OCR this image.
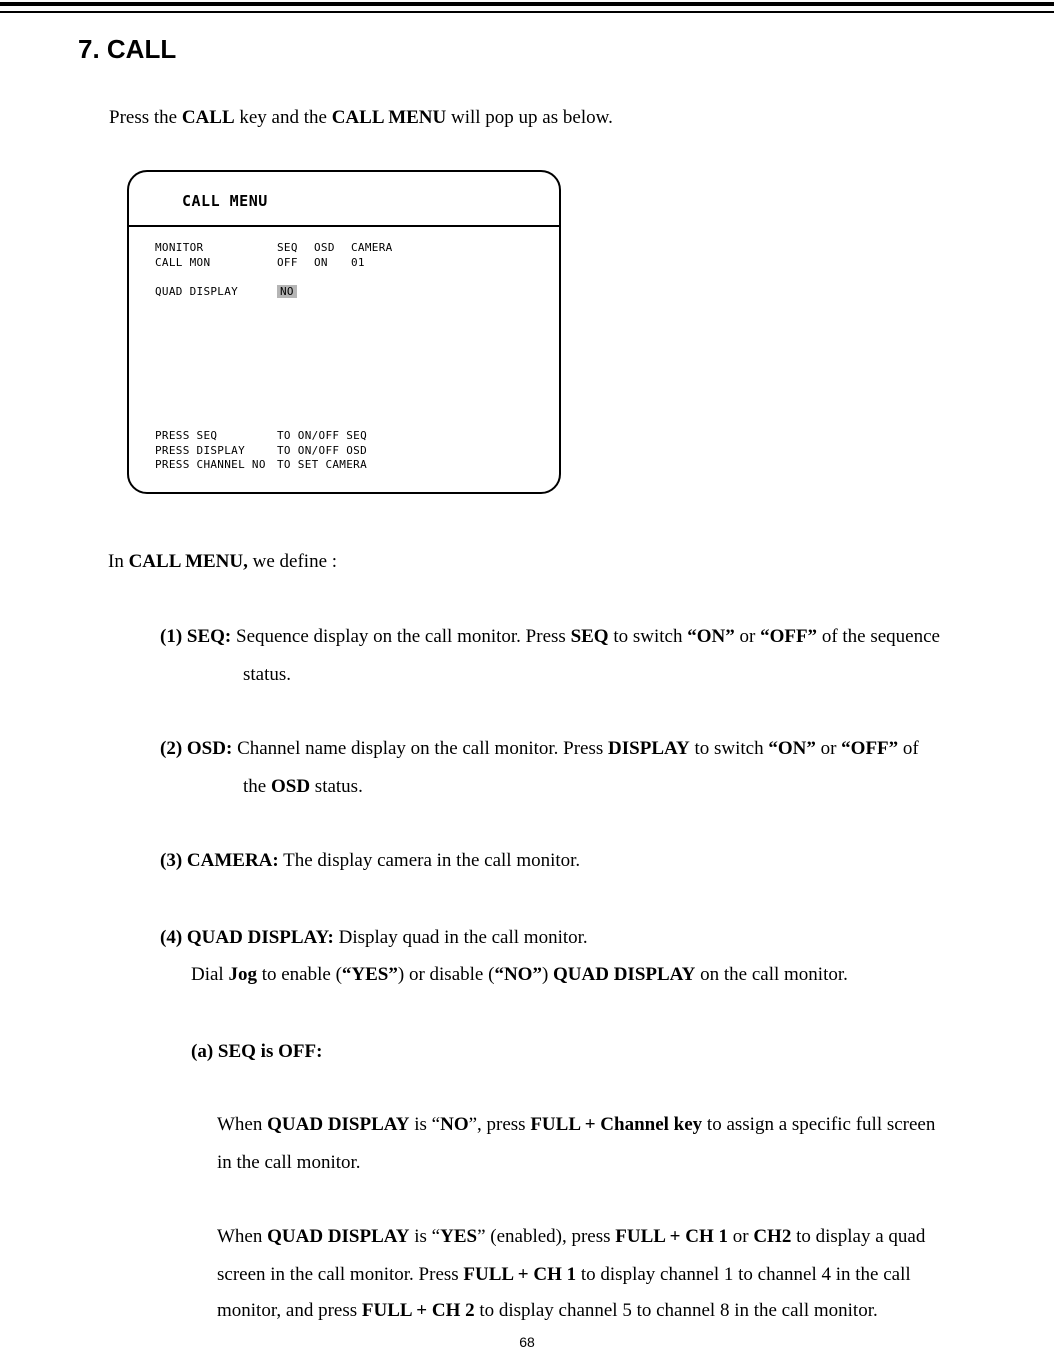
7. CALL
Press the CALL key and the CALL MENU will pop up as below.
CALL MENU
MONITOR	SEQ OSD CAMERA
CALL MON	OFF ON 01
QUAD DISPLAY	NO
PRESS SEQ	TO ON/OFF SEQ
PRESS DISPLAY	TO ON/OFF OSD
PRESS CHANNEL NO TO SET CAMERA
In CALL MENU, we define :
(1) SEQ: Sequence display on the call monitor. Press SEQ to switch “ON” or “OFF” of the sequence
status.
(2) OSD: Channel name display on the call monitor. Press DISPLAY to switch “ON” or “OFF” of
the OSD status.
(3) CAMERA: The display camera in the call monitor.
(4) QUAD DISPLAY: Display quad in the call monitor.
Dial Jog to enable (“YES”) or disable (“NO”) QUAD DISPLAY on the call monitor.
(a) SEQ is OFF:
When QUAD DISPLAY is “NO”, press FULL + Channel key to assign a specific full screen
in the call monitor.
When QUAD DISPLAY is “YES” (enabled), press FULL + CH 1 or CH2 to display a quad
screen in the call monitor. Press FULL + CH 1 to display channel 1 to channel 4 in the call
monitor, and press FULL + CH 2 to display channel 5 to channel 8 in the call monitor.
68
